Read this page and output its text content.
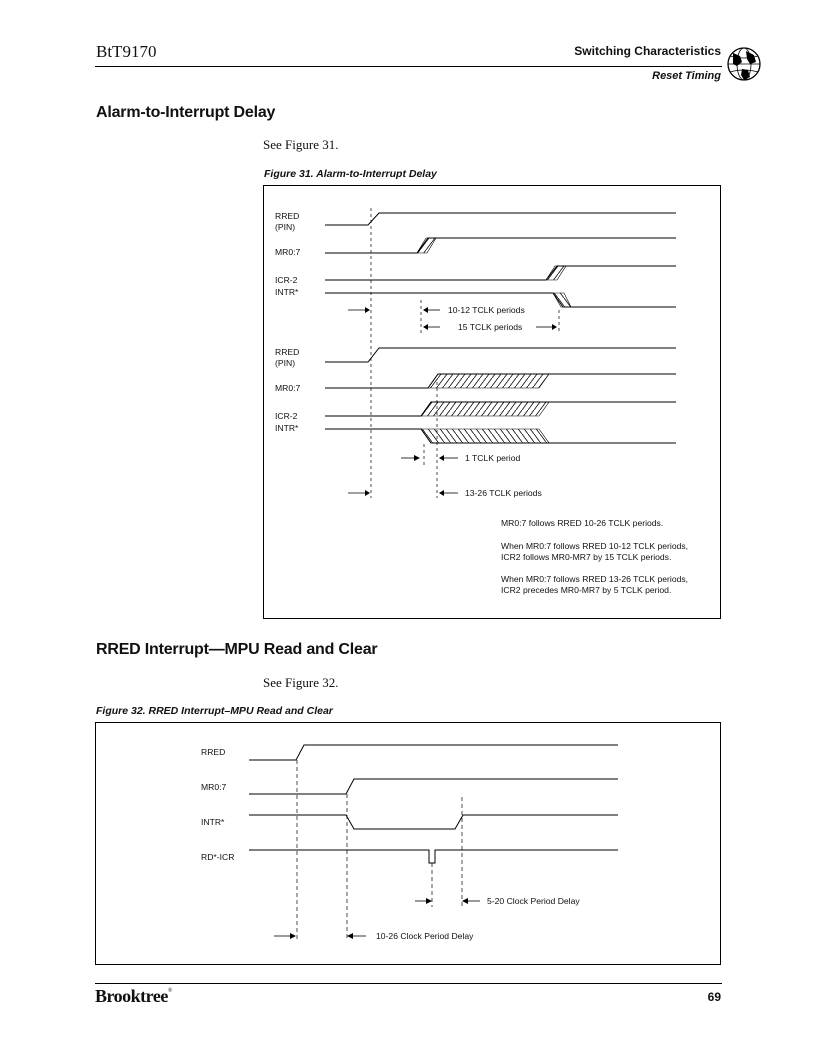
BtT9170	Switching Characteristics
Reset Timing
Alarm-to-Interrupt Delay
See Figure 31.
Figure 31. Alarm-to-Interrupt Delay
RRED
(PIN)
MR0:7
ICR-2
INTR*
10-12 TCLK periods
15 TCLK periods
RRED
(PIN)
MR0:7
ICR-2
INTR*
1 TCLK period
13-26 TCLK periods
MR0:7 follows RRED 10-26 TCLK periods.
When MR0:7 follows RRED 10-12 TCLK periods,
ICR2 follows MR0-MR7 by 15 TCLK periods.
When MR0:7 follows RRED 13-26 TCLK periods,
ICR2 precedes MR0-MR7 by 5 TCLK period.
RRED Interrupt—MPU Read and Clear
See Figure 32.
Figure 32. RRED Interrupt–MPU Read and Clear
RRED
MR0:7
INTR*
RD*-ICR
5-20 Clock Period Delay
10-26 Clock Period Delay
Brooktree®	69
